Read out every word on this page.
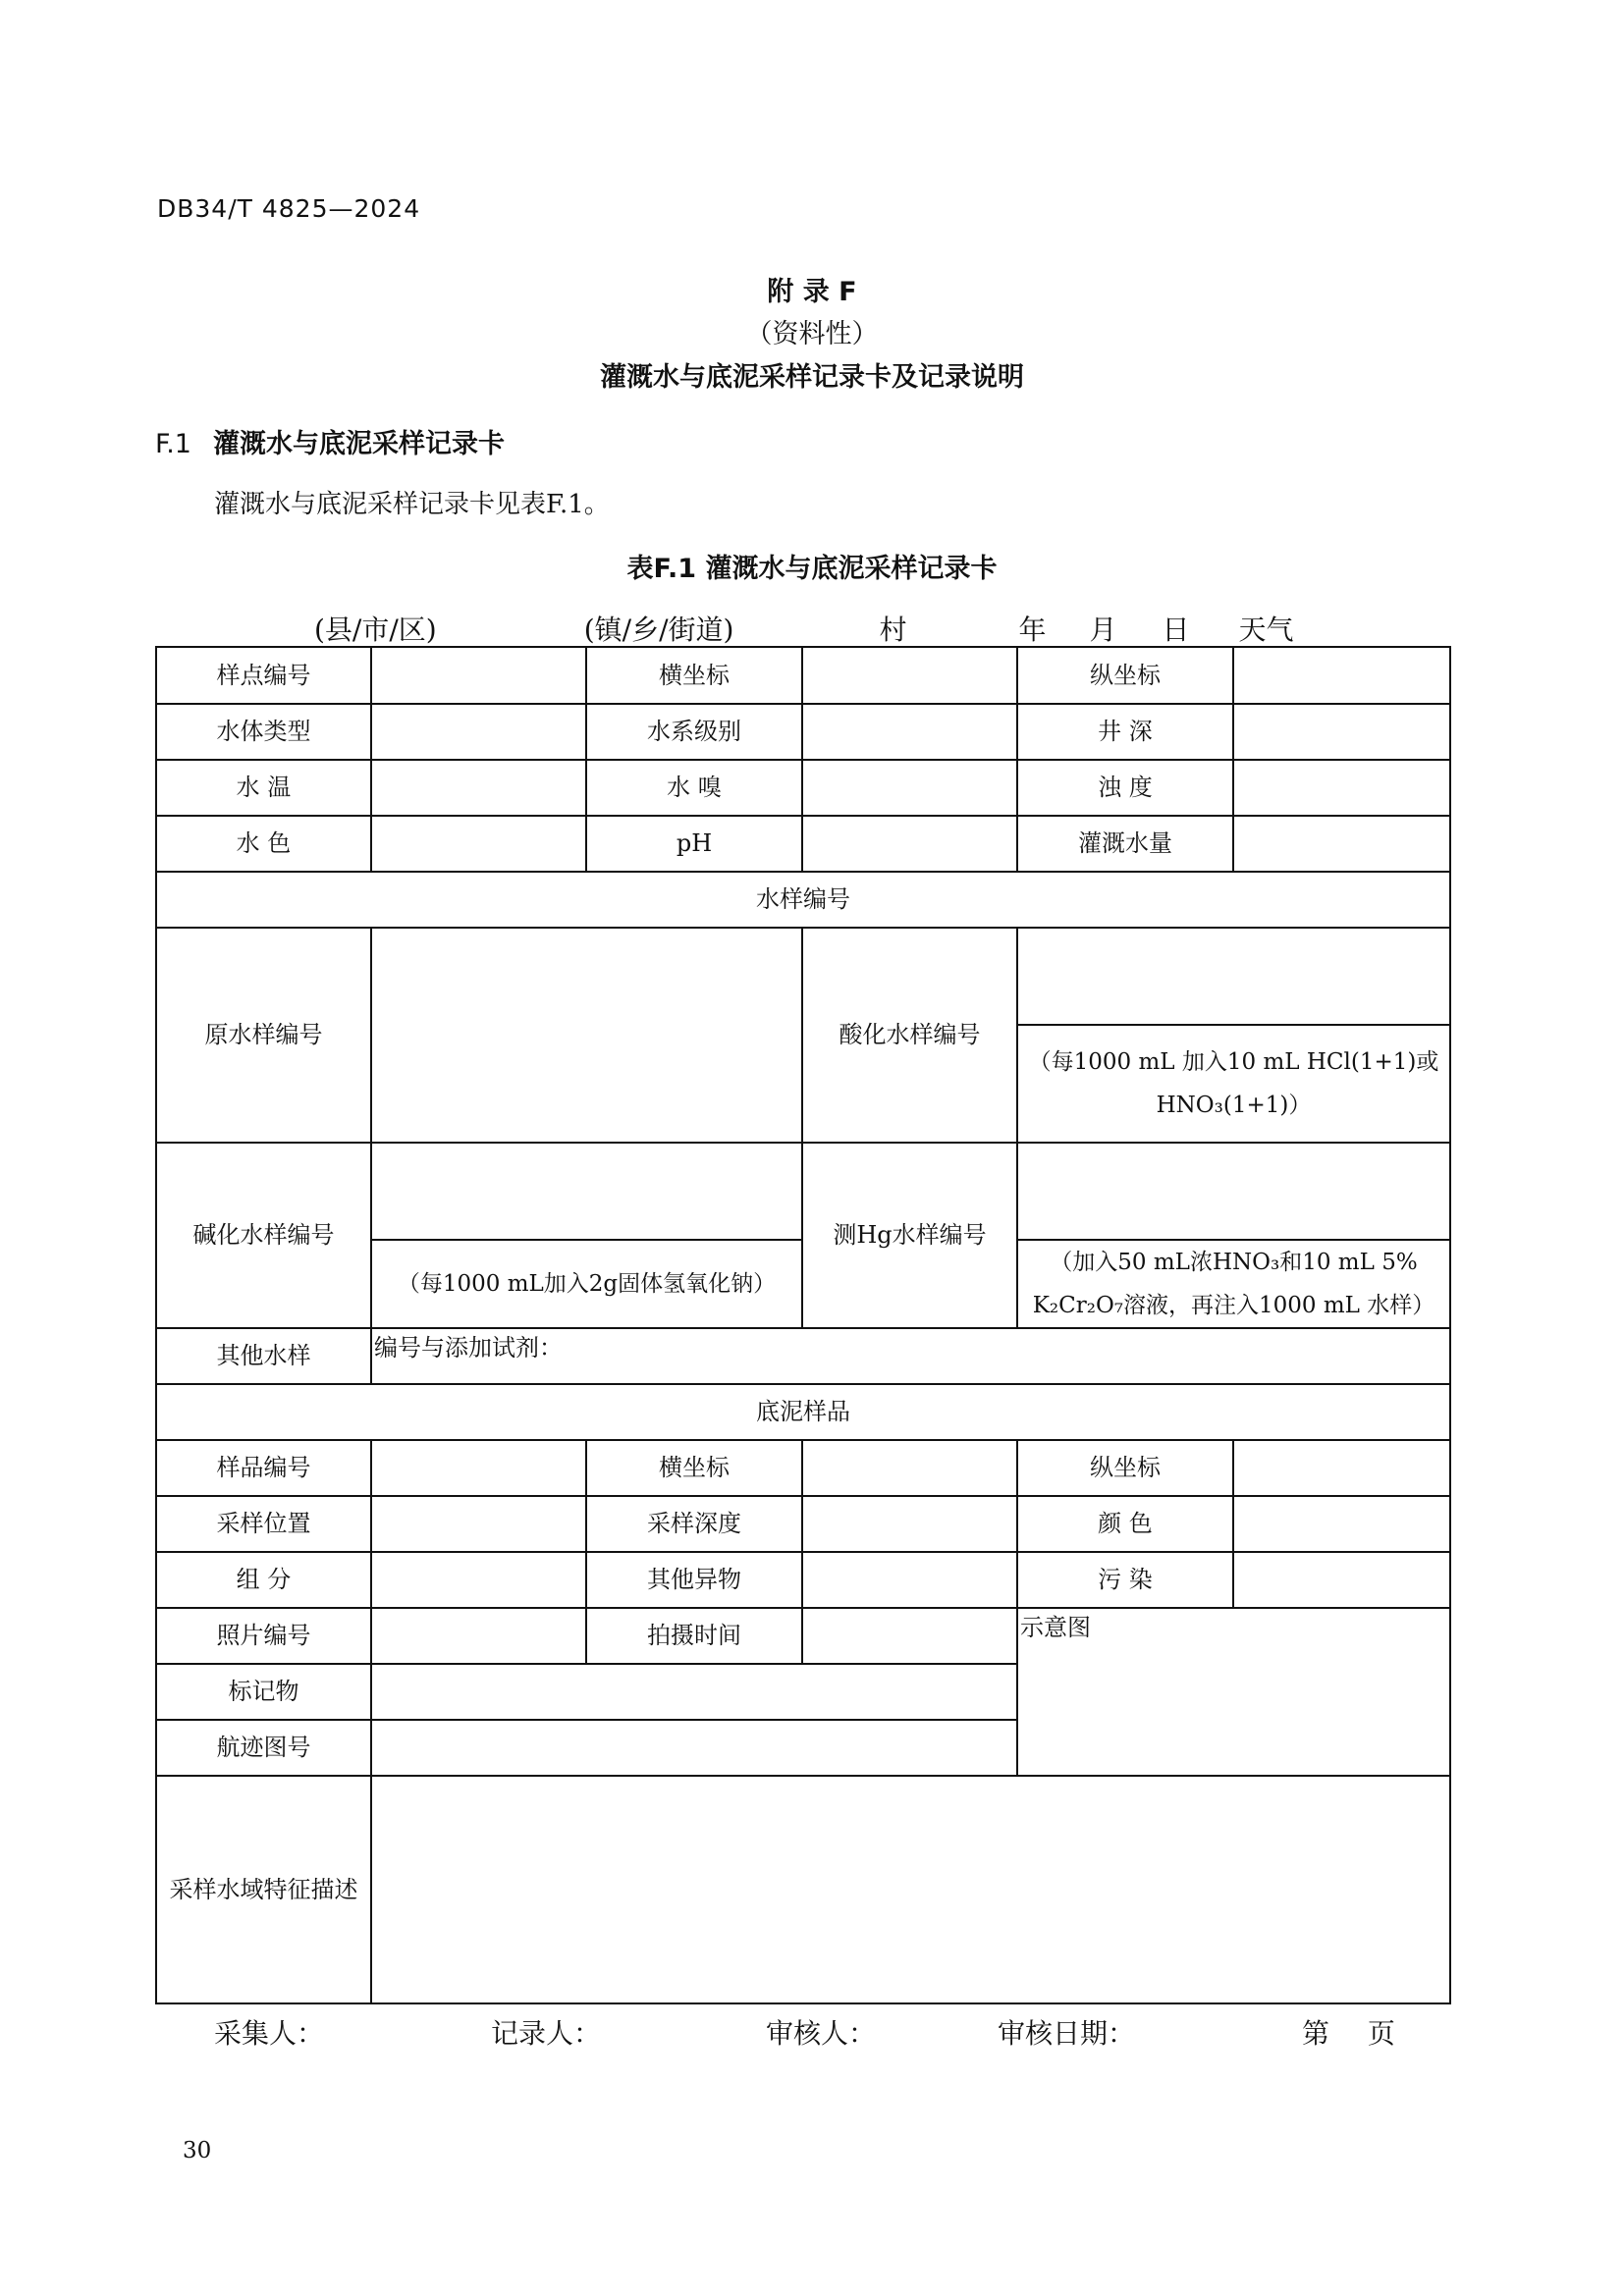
DB34/T 4825—2024
附 录 F
（资料性）
灌溉水与底泥采样记录卡及记录说明
F.1 灌溉水与底泥采样记录卡
灌溉水与底泥采样记录卡见表F.1。
表F.1 灌溉水与底泥采样记录卡
(县/市/区)	(镇/乡/街道)	村	年 月 日 天气
样点编号		横坐标		纵坐标	
水体类型		水系级别		井 深	
水 温		水 嗅		浊 度	
水 色		pH		灌溉水量	
水样编号					
原水样编号			酸化水样编号		
				（每1000 mL 加入10 mL HCl(1+1)或HNO₃(1+1)）	
碱化水样编号			测Hg水样编号		
	（每1000 mL加入2g固体氢氧化钠）			（加入50 mL浓HNO₃和10 mL 5% K₂Cr₂O₇溶液，再注入1000 mL 水样）	
其他水样	编号与添加试剂：				
底泥样品					
样品编号		横坐标		纵坐标	
采样位置		采样深度		颜 色	
组 分		其他异物		污 染	
照片编号		拍摄时间		示意图	
标记物					
航迹图号					
采样水域特征描述					
采集人：	记录人：	审核人：	审核日期：	第 页
30
